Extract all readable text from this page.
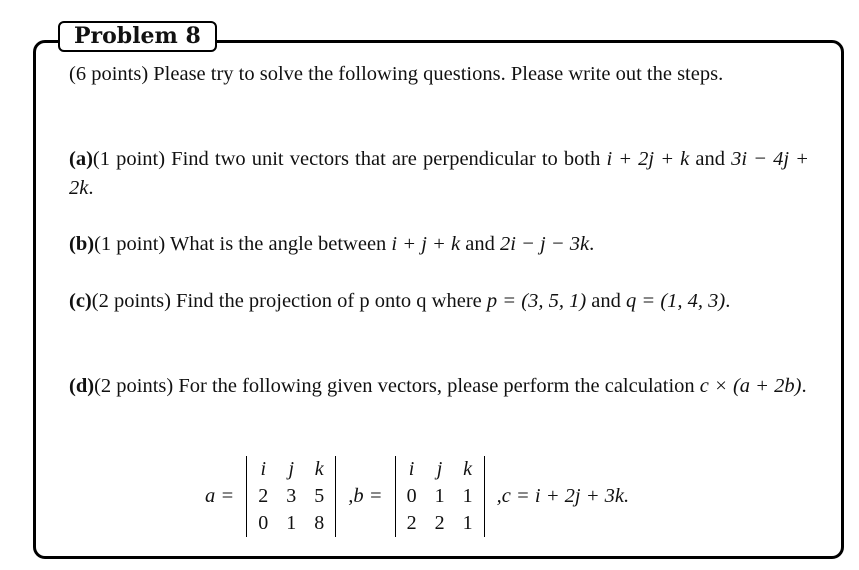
Problem 8
(6 points) Please try to solve the following questions. Please write out the steps.
(a)(1 point) Find two unit vectors that are perpendicular to both i + 2j + k and 3i − 4j + 2k.
(b)(1 point) What is the angle between i + j + k and 2i − j − 3k.
(c)(2 points) Find the projection of p onto q where p = (3, 5, 1) and q = (1, 4, 3).
(d)(2 points) For the following given vectors, please perform the calculation c × (a + 2b).
a =
i	j	k
2 3 5
0 1 8
,b =
i	j	k
0 1 1
2 2 1
,c = i + 2j + 3k.
